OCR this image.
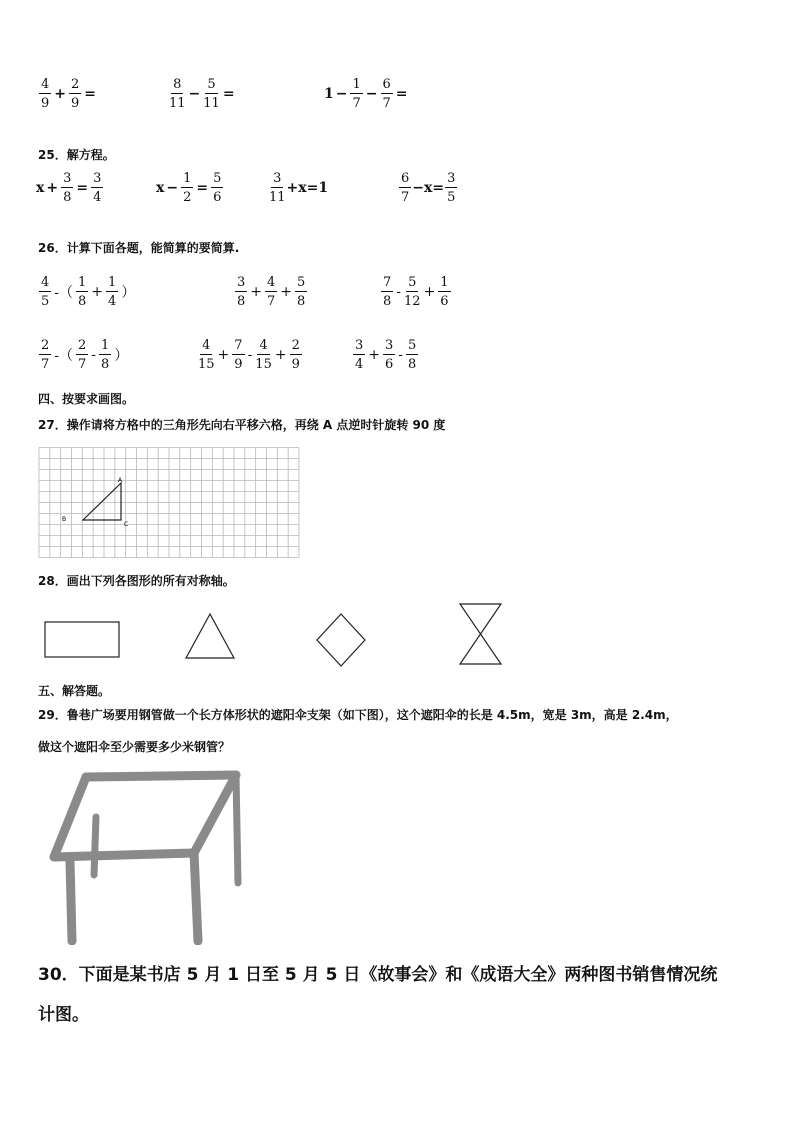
$\frac{4}{9} + \frac{2}{9}$ =	$\frac{8}{11} - \frac{5}{11}$ =	$1 - \frac{1}{7} - \frac{6}{7}$ =
25．解方程。
$x + \frac{3}{8} = \frac{3}{4}$	$x - \frac{1}{2} = \frac{5}{6}$	$\frac{3}{11} +x=1$	$\frac{6}{7} -x= \frac{3}{5}$
26．计算下面各题，能简算的要简算.
$\frac{4}{5}$ -（ $\frac{1}{8} + \frac{1}{4}$ ）	$\frac{3}{8} + \frac{4}{7} + \frac{5}{8}$	$\frac{7}{8} - \frac{5}{12} + \frac{1}{6}$
$\frac{2}{7}$ -（ $\frac{2}{7} - \frac{1}{8}$ ）	$\frac{4}{15} + \frac{7}{9} - \frac{4}{15} + \frac{2}{9}$	$\frac{3}{4} + \frac{3}{6} - \frac{5}{8}$
四、按要求画图。
27．操作请将方格中的三角形先向右平移六格，再绕 A 点逆时针旋转 90 度
A
B
C
28．画出下列各图形的所有对称轴。
五、解答题。
29．鲁巷广场要用钢管做一个长方体形状的遮阳伞支架（如下图），这个遮阳伞的长是 4.5m，宽是 3m，高是 2.4m，
做这个遮阳伞至少需要多少米钢管？
30．下面是某书店 5 月 1 日至 5 月 5 日《故事会》和《成语大全》两种图书销售情况统
计图。
